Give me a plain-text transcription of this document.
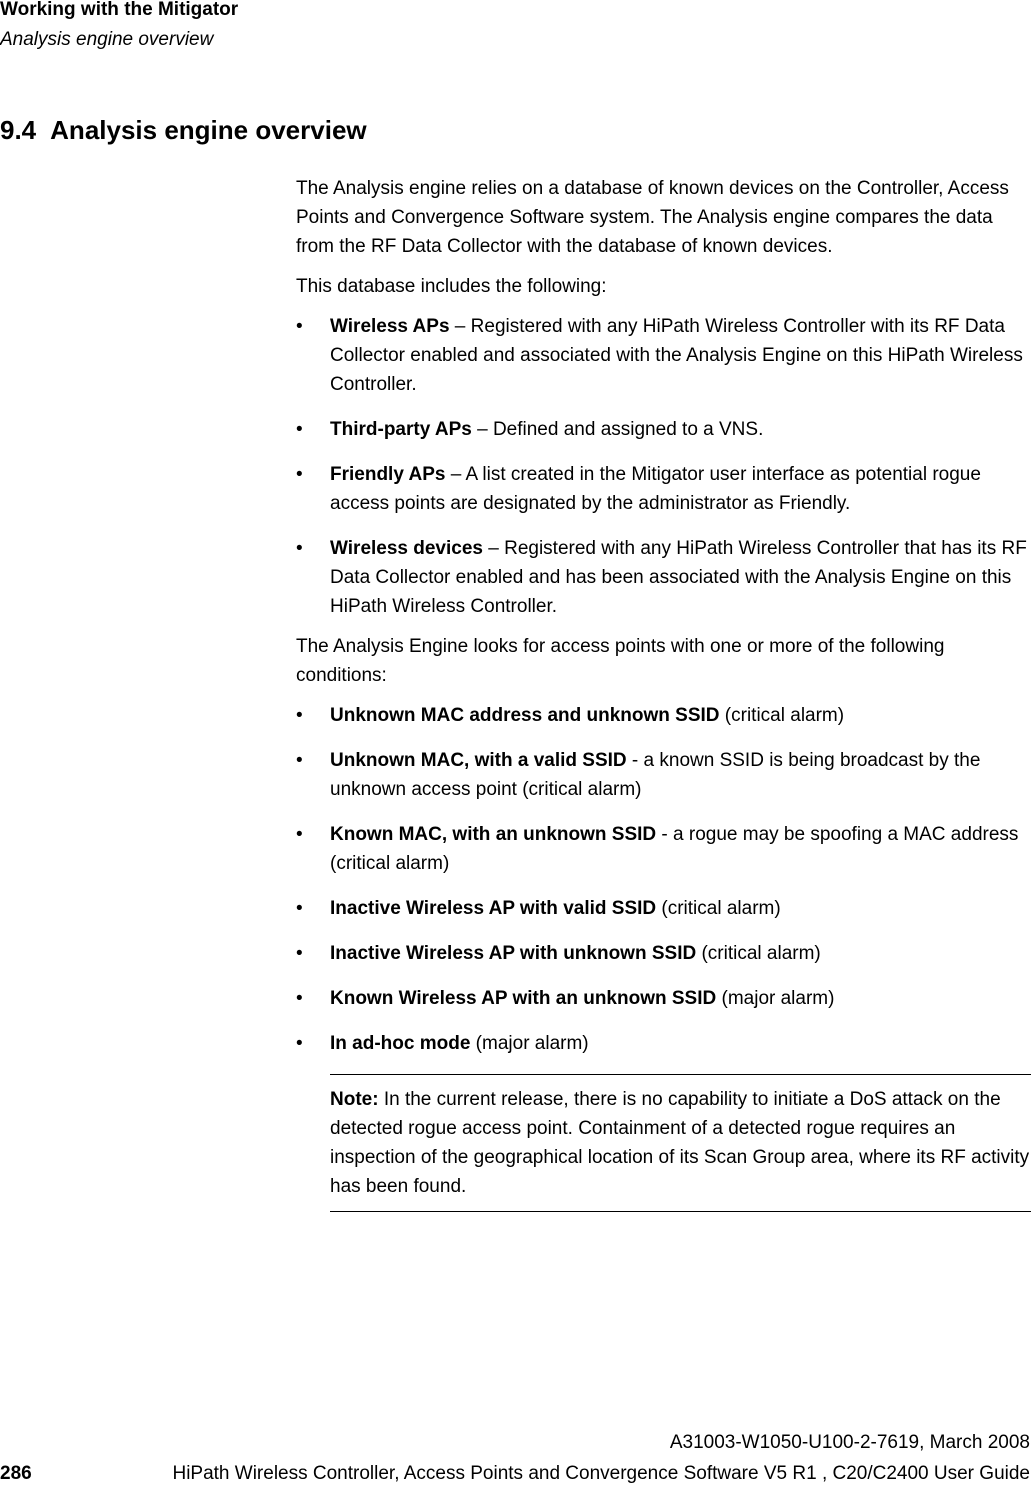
Working with the Mitigator
Analysis engine overview
9.4 Analysis engine overview

The Analysis engine relies on a database of known devices on the Controller, Access Points and Convergence Software system. The Analysis engine compares the data from the RF Data Collector with the database of known devices.

This database includes the following:

• Wireless APs – Registered with any HiPath Wireless Controller with its RF Data Collector enabled and associated with the Analysis Engine on this HiPath Wireless Controller.
• Third-party APs – Defined and assigned to a VNS.
• Friendly APs – A list created in the Mitigator user interface as potential rogue access points are designated by the administrator as Friendly.
• Wireless devices – Registered with any HiPath Wireless Controller that has its RF Data Collector enabled and has been associated with the Analysis Engine on this HiPath Wireless Controller.

The Analysis Engine looks for access points with one or more of the following conditions:

• Unknown MAC address and unknown SSID (critical alarm)
• Unknown MAC, with a valid SSID - a known SSID is being broadcast by the unknown access point (critical alarm)
• Known MAC, with an unknown SSID - a rogue may be spoofing a MAC address (critical alarm)
• Inactive Wireless AP with valid SSID (critical alarm)
• Inactive Wireless AP with unknown SSID (critical alarm)
• Known Wireless AP with an unknown SSID (major alarm)
• In ad-hoc mode (major alarm)
Note: In the current release, there is no capability to initiate a DoS attack on the detected rogue access point. Containment of a detected rogue requires an inspection of the geographical location of its Scan Group area, where its RF activity has been found.
A31003-W1050-U100-2-7619, March 2008
286	HiPath Wireless Controller, Access Points and Convergence Software V5 R1 , C20/C2400 User Guide
